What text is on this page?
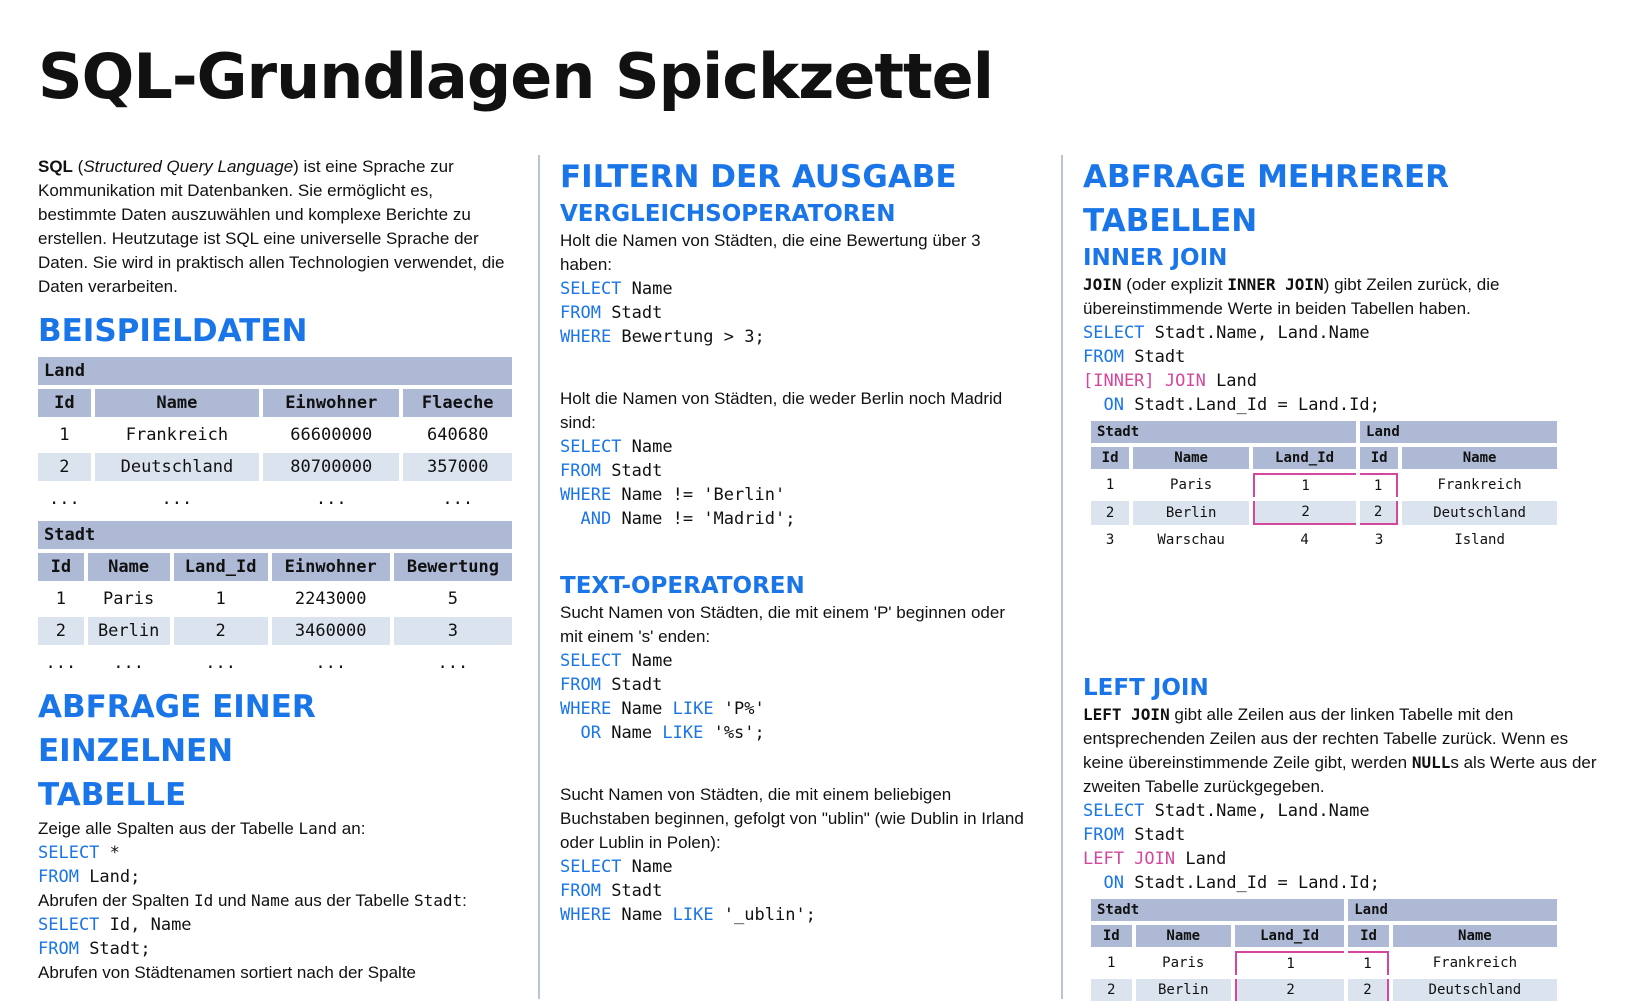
SQL-Grundlagen Spickzettel

SQL (Structured Query Language) ist eine Sprache zur Kommunikation mit Datenbanken. Sie ermöglicht es, bestimmte Daten auszuwählen und komplexe Berichte zu erstellen. Heutzutage ist SQL eine universelle Sprache der Daten. Sie wird in praktisch allen Technologien verwendet, die Daten verarbeiten.

BEISPIELDATEN
Land			
Id	Name	Einwohner	Flaeche
1	Frankreich	66600000	640680
2	Deutschland	80700000	357000
...	...	...	...
Stadt				
Id	Name	Land_Id	Einwohner	Bewertung
1	Paris	1	2243000	5
2	Berlin	2	3460000	3
...	...	...	...	...
ABFRAGE EINER EINZELNEN
TABELLE

Zeige alle Spalten aus der Tabelle Land an:

SELECT *
FROM Land;

Abrufen der Spalten Id und Name aus der Tabelle Stadt:

SELECT Id, Name
FROM Stadt;

Abrufen von Städtenamen sortiert nach der Spalte

FILTERN DER AUSGABE
VERGLEICHSOPERATOREN

Holt die Namen von Städten, die eine Bewertung über 3 haben:

SELECT Name
FROM Stadt
WHERE Bewertung > 3;

Holt die Namen von Städten, die weder Berlin noch Madrid sind:

SELECT Name
FROM Stadt
WHERE Name != 'Berlin'
AND Name != 'Madrid';
TEXT-OPERATOREN

Sucht Namen von Städten, die mit einem 'P' beginnen oder mit einem 's' enden:

SELECT Name
FROM Stadt
WHERE Name LIKE 'P%'
OR Name LIKE '%s';

Sucht Namen von Städten, die mit einem beliebigen Buchstaben beginnen, gefolgt von "ublin" (wie Dublin in Irland oder Lublin in Polen):

SELECT Name
FROM Stadt
WHERE Name LIKE '_ublin';
ABFRAGE MEHRERER TABELLEN
INNER JOIN

JOIN (oder explizit INNER JOIN) gibt Zeilen zurück, die übereinstimmende Werte in beiden Tabellen haben.

SELECT Stadt.Name, Land.Name
FROM Stadt
[INNER] JOIN Land
ON Stadt.Land_Id = Land.Id;
Stadt			Land	
Id	Name	Land_Id	Id	Name
1	Paris	1	1	Frankreich
2	Berlin	2	2	Deutschland
3	Warschau	4	3	Island
LEFT JOIN

LEFT JOIN gibt alle Zeilen aus der linken Tabelle mit den entsprechenden Zeilen aus der rechten Tabelle zurück. Wenn es keine übereinstimmende Zeile gibt, werden NULLs als Werte aus der zweiten Tabelle zurückgegeben.

SELECT Stadt.Name, Land.Name
FROM Stadt
LEFT JOIN Land
ON Stadt.Land_Id = Land.Id;
Stadt			Land	
Id	Name	Land_Id	Id	Name
1	Paris	1	1	Frankreich
2	Berlin	2	2	Deutschland
